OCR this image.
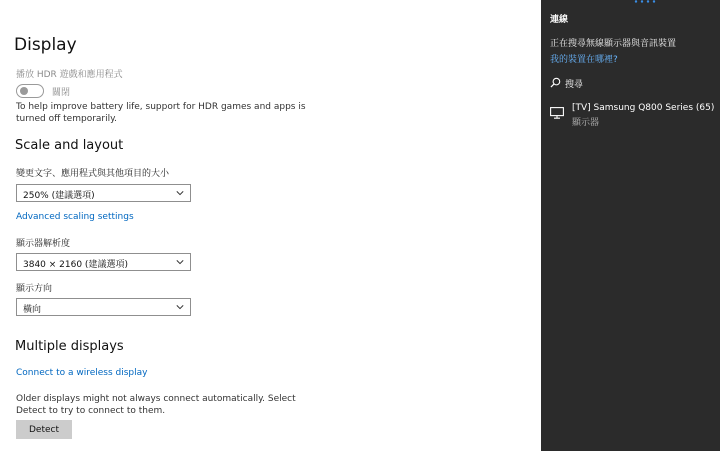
Display
播放 HDR 遊戲和應用程式
關閉
To help improve battery life, support for HDR games and apps is turned off temporarily.
Scale and layout
變更文字、應用程式與其他項目的大小
250% (建議選項)
Advanced scaling settings
顯示器解析度
3840 × 2160 (建議選項)
顯示方向
橫向
Multiple displays
Connect to a wireless display
Older displays might not always connect automatically. Select Detect to try to connect to them.
Detect
連線
正在搜尋無線顯示器與音訊裝置
我的裝置在哪裡?
搜尋
[TV] Samsung Q800 Series (65)
顯示器
